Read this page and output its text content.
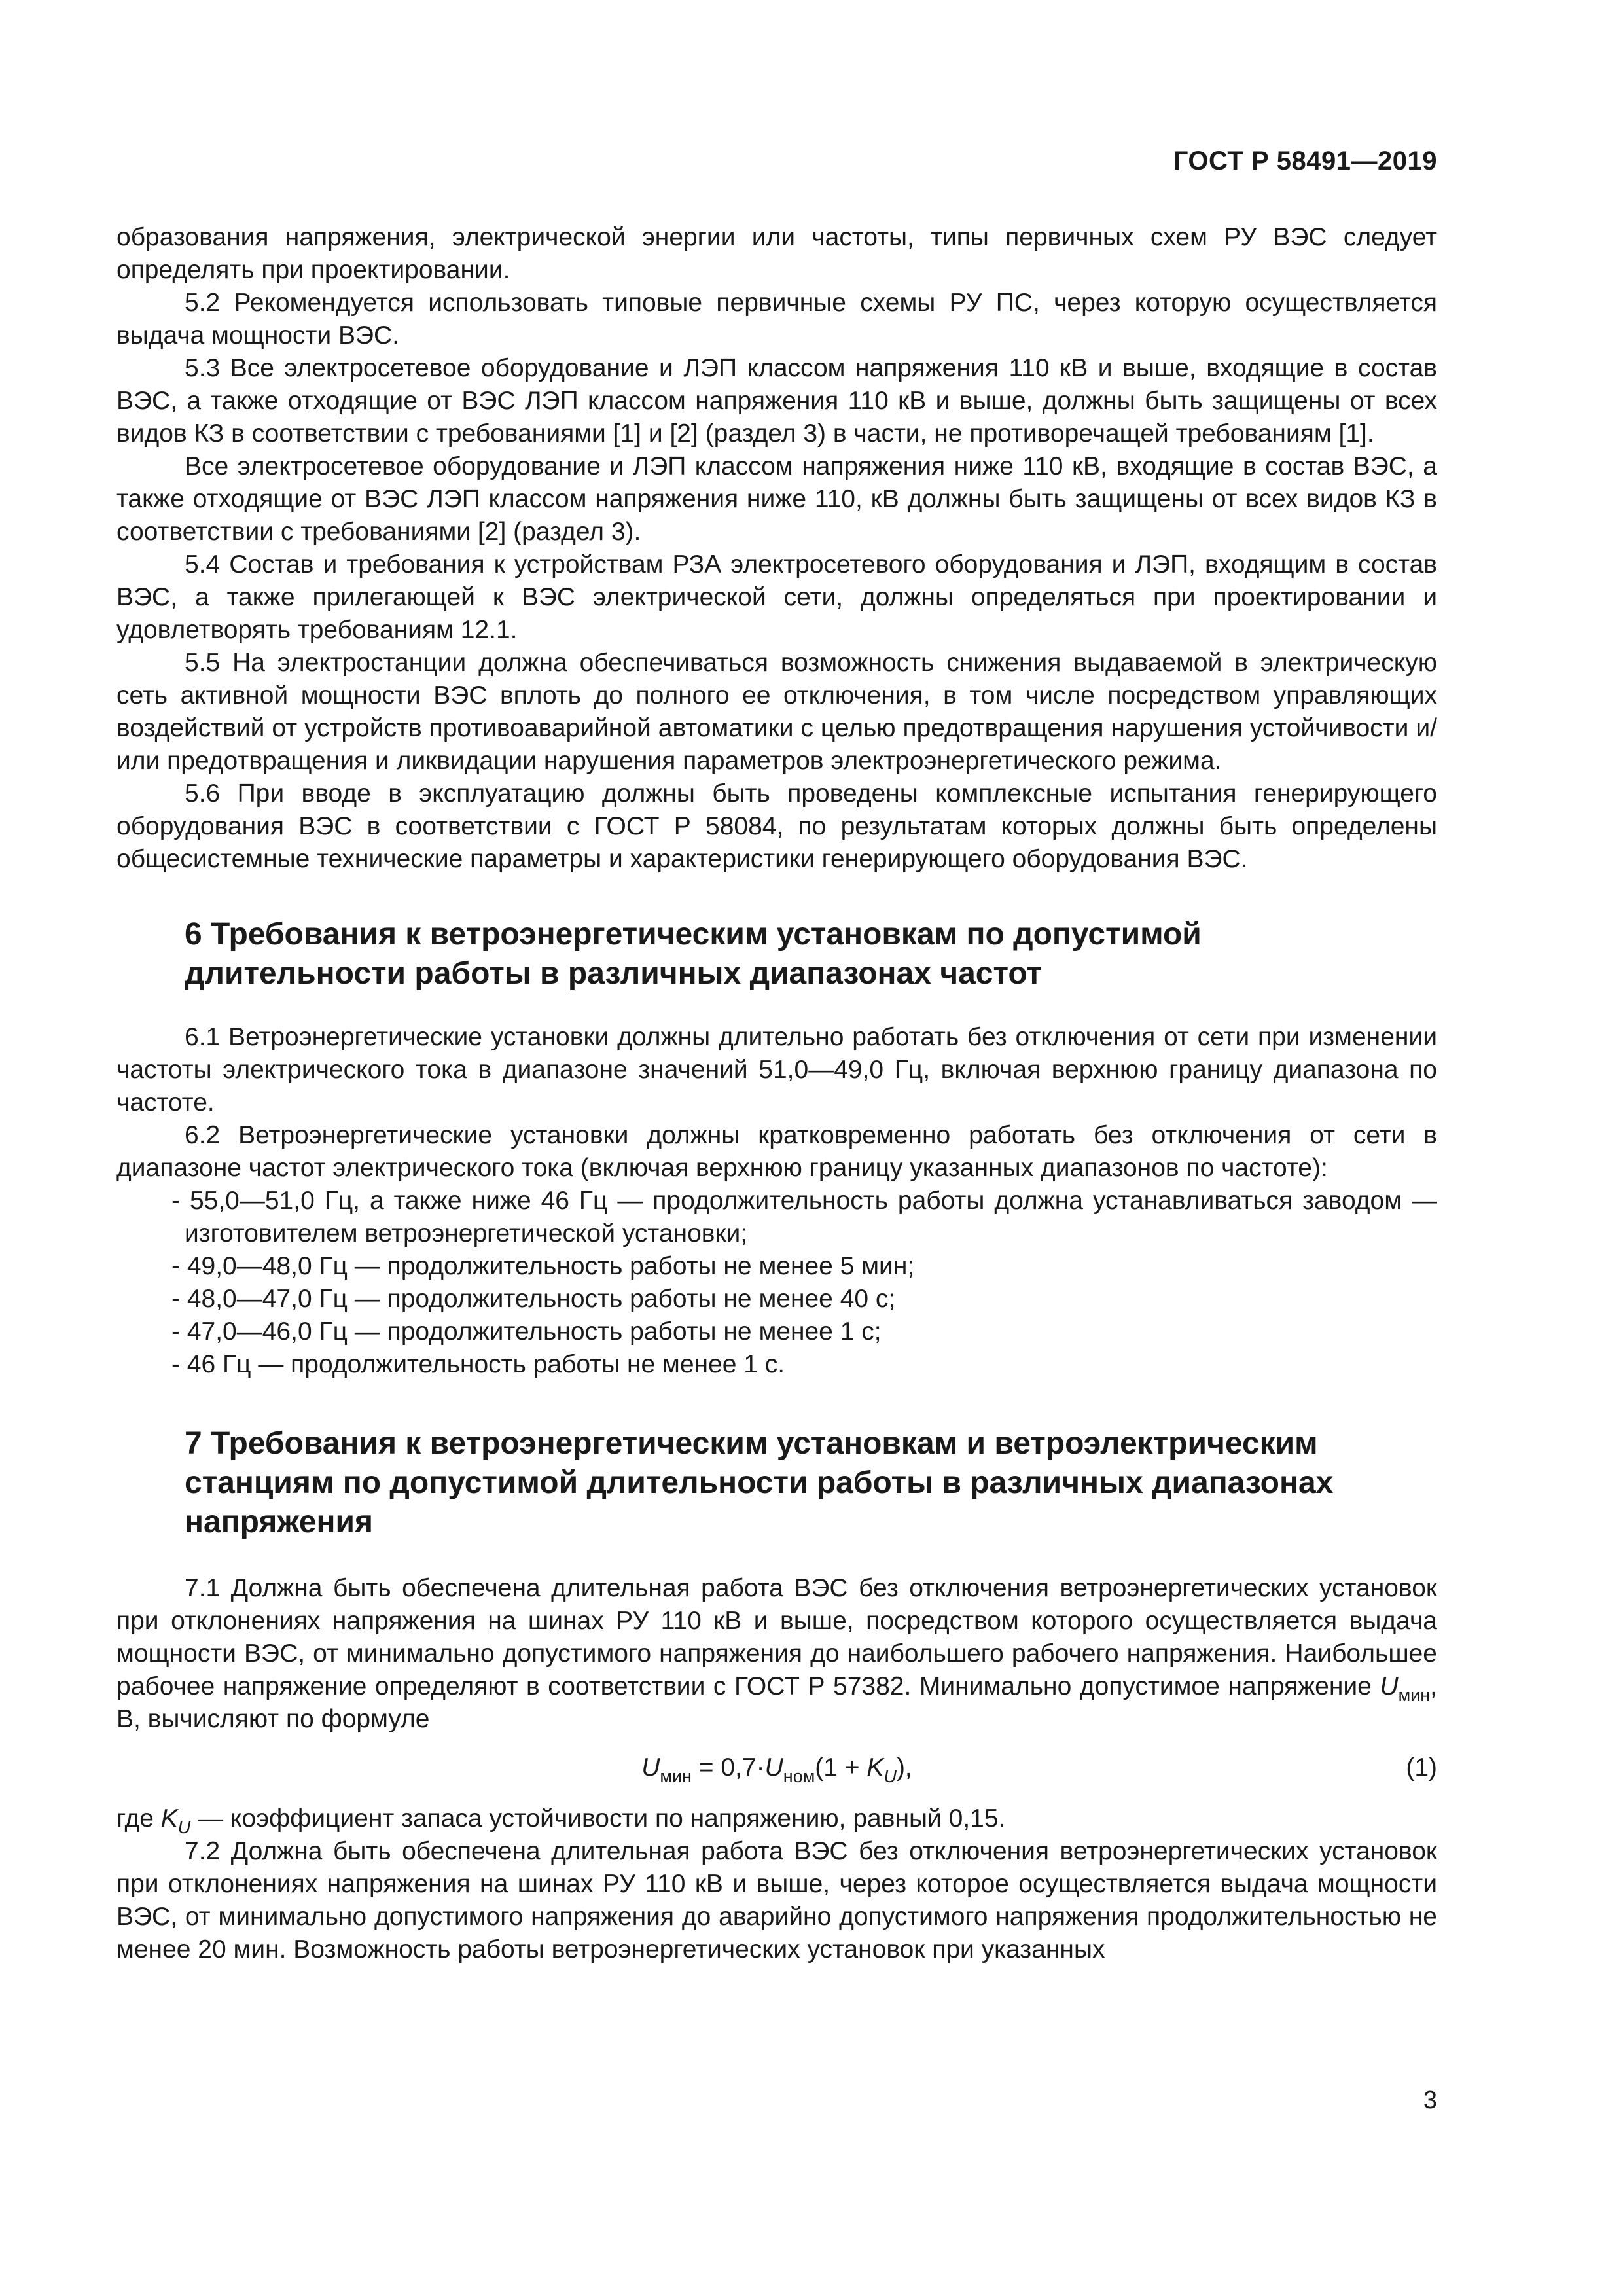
ГОСТ Р 58491—2019

образования напряжения, электрической энергии или частоты, типы первичных схем РУ ВЭС следует определять при проектировании.

5.2 Рекомендуется использовать типовые первичные схемы РУ ПС, через которую осуществляется выдача мощности ВЭС.

5.3 Все электросетевое оборудование и ЛЭП классом напряжения 110 кВ и выше, входящие в состав ВЭС, а также отходящие от ВЭС ЛЭП классом напряжения 110 кВ и выше, должны быть защищены от всех видов КЗ в соответствии с требованиями [1] и [2] (раздел 3) в части, не противоречащей требованиям [1].

Все электросетевое оборудование и ЛЭП классом напряжения ниже 110 кВ, входящие в состав ВЭС, а также отходящие от ВЭС ЛЭП классом напряжения ниже 110, кВ должны быть защищены от всех видов КЗ в соответствии с требованиями [2] (раздел 3).

5.4 Состав и требования к устройствам РЗА электросетевого оборудования и ЛЭП, входящим в состав ВЭС, а также прилегающей к ВЭС электрической сети, должны определяться при проектировании и удовлетворять требованиям 12.1.

5.5 На электростанции должна обеспечиваться возможность снижения выдаваемой в электрическую сеть активной мощности ВЭС вплоть до полного ее отключения, в том числе посредством управляющих воздействий от устройств противоаварийной автоматики с целью предотвращения нарушения устойчивости и/или предотвращения и ликвидации нарушения параметров электроэнергетического режима.

5.6 При вводе в эксплуатацию должны быть проведены комплексные испытания генерирующего оборудования ВЭС в соответствии с ГОСТ Р 58084, по результатам которых должны быть определены общесистемные технические параметры и характеристики генерирующего оборудования ВЭС.

6 Требования к ветроэнергетическим установкам по допустимой
длительности работы в различных диапазонах частот

6.1 Ветроэнергетические установки должны длительно работать без отключения от сети при изменении частоты электрического тока в диапазоне значений 51,0—49,0 Гц, включая верхнюю границу диапазона по частоте.

6.2 Ветроэнергетические установки должны кратковременно работать без отключения от сети в диапазоне частот электрического тока (включая верхнюю границу указанных диапазонов по частоте):

- 55,0—51,0 Гц, а также ниже 46 Гц — продолжительность работы должна устанавливаться заводом — изготовителем ветроэнергетической установки;

- 49,0—48,0 Гц — продолжительность работы не менее 5 мин;

- 48,0—47,0 Гц — продолжительность работы не менее 40 с;

- 47,0—46,0 Гц — продолжительность работы не менее 1 с;

- 46 Гц — продолжительность работы не менее 1 с.

7 Требования к ветроэнергетическим установкам и ветроэлектрическим
станциям по допустимой длительности работы в различных диапазонах
напряжения

7.1 Должна быть обеспечена длительная работа ВЭС без отключения ветроэнергетических установок при отклонениях напряжения на шинах РУ 110 кВ и выше, посредством которого осуществляется выдача мощности ВЭС, от минимально допустимого напряжения до наибольшего рабочего напряжения. Наибольшее рабочее напряжение определяют в соответствии с ГОСТ Р 57382. Минимально допустимое напряжение $U_{мин}$, В, вычисляют по формуле

$U_{мин} = 0,7\cdot U_{ном}(1 + K_U)$,	(1)

где $K_U$ — коэффициент запаса устойчивости по напряжению, равный 0,15.

7.2 Должна быть обеспечена длительная работа ВЭС без отключения ветроэнергетических установок при отклонениях напряжения на шинах РУ 110 кВ и выше, через которое осуществляется выдача мощности ВЭС, от минимально допустимого напряжения до аварийно допустимого напряжения продолжительностью не менее 20 мин. Возможность работы ветроэнергетических установок при указанных

3
